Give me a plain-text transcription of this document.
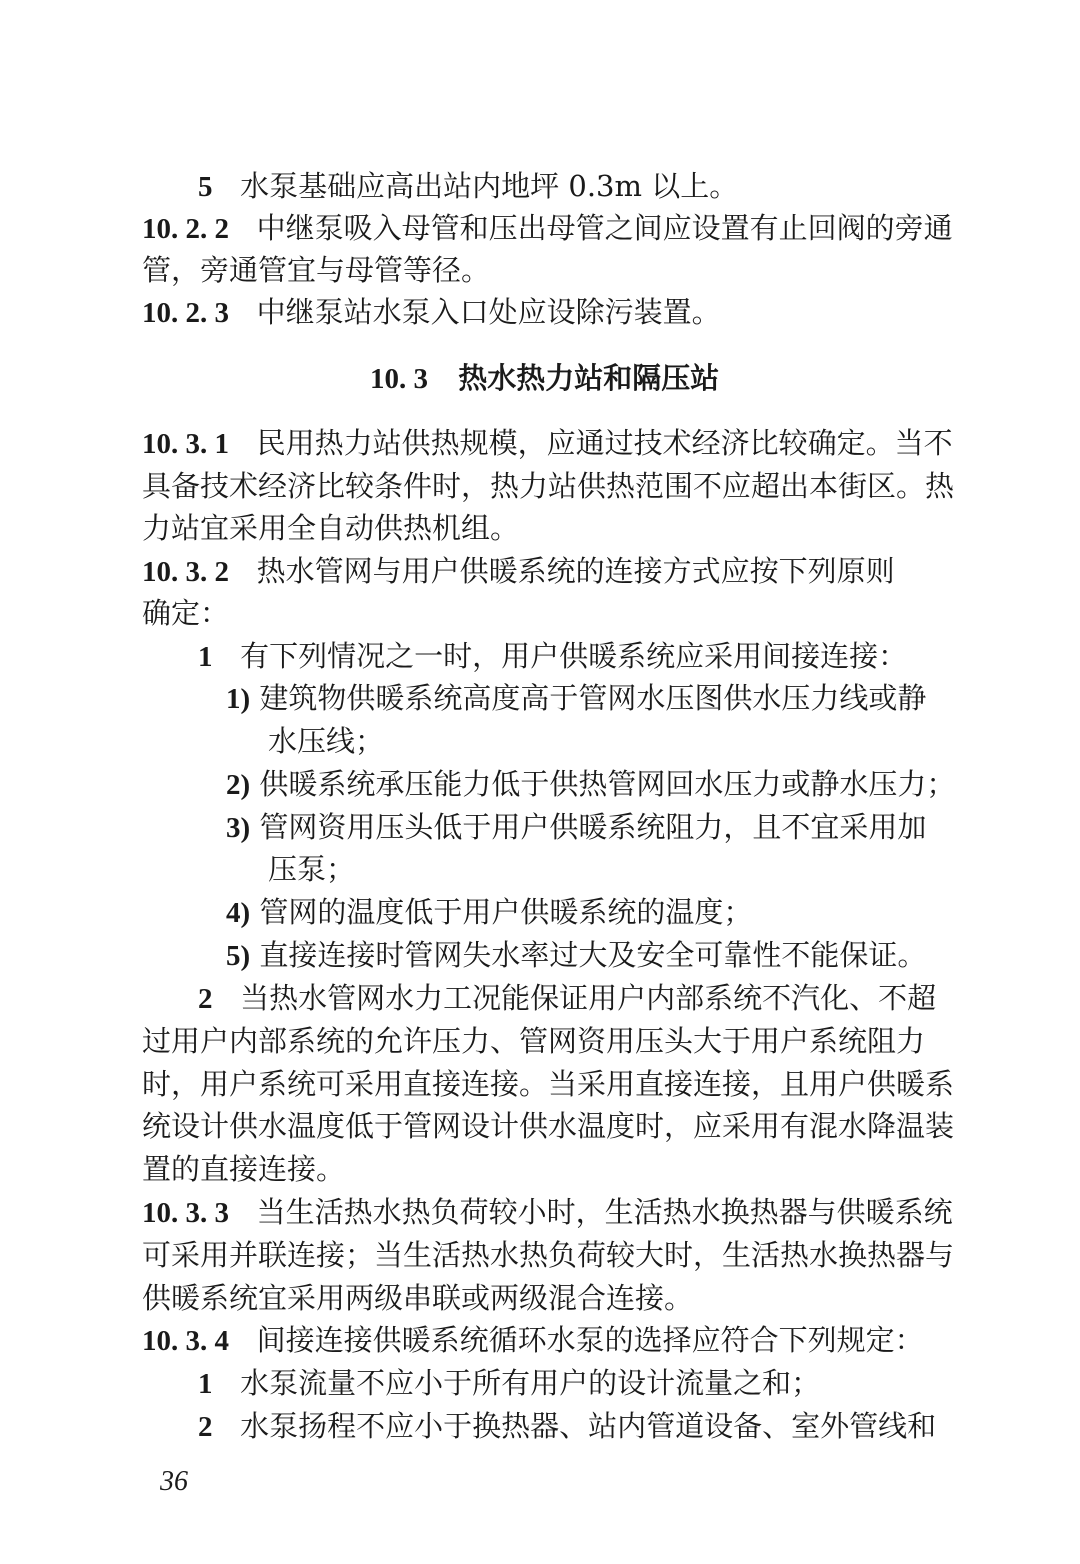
5 水泵基础应高出站内地坪 0.3m 以上。
10. 2. 2 中继泵吸入母管和压出母管之间应设置有止回阀的旁通
管，旁通管宜与母管等径。
10. 2. 3 中继泵站水泵入口处应设除污装置。
10. 3 热水热力站和隔压站
10. 3. 1 民用热力站供热规模，应通过技术经济比较确定。当不
具备技术经济比较条件时，热力站供热范围不应超出本街区。热
力站宜采用全自动供热机组。
10. 3. 2 热水管网与用户供暖系统的连接方式应按下列原则
确定：
1 有下列情况之一时，用户供暖系统应采用间接连接：
1) 建筑物供暖系统高度高于管网水压图供水压力线或静
水压线；
2) 供暖系统承压能力低于供热管网回水压力或静水压力；
3) 管网资用压头低于用户供暖系统阻力，且不宜采用加
压泵；
4) 管网的温度低于用户供暖系统的温度；
5) 直接连接时管网失水率过大及安全可靠性不能保证。
2 当热水管网水力工况能保证用户内部系统不汽化、不超
过用户内部系统的允许压力、管网资用压头大于用户系统阻力
时，用户系统可采用直接连接。当采用直接连接，且用户供暖系
统设计供水温度低于管网设计供水温度时，应采用有混水降温装
置的直接连接。
10. 3. 3 当生活热水热负荷较小时，生活热水换热器与供暖系统
可采用并联连接；当生活热水热负荷较大时，生活热水换热器与
供暖系统宜采用两级串联或两级混合连接。
10. 3. 4 间接连接供暖系统循环水泵的选择应符合下列规定：
1 水泵流量不应小于所有用户的设计流量之和；
2 水泵扬程不应小于换热器、站内管道设备、室外管线和
36
